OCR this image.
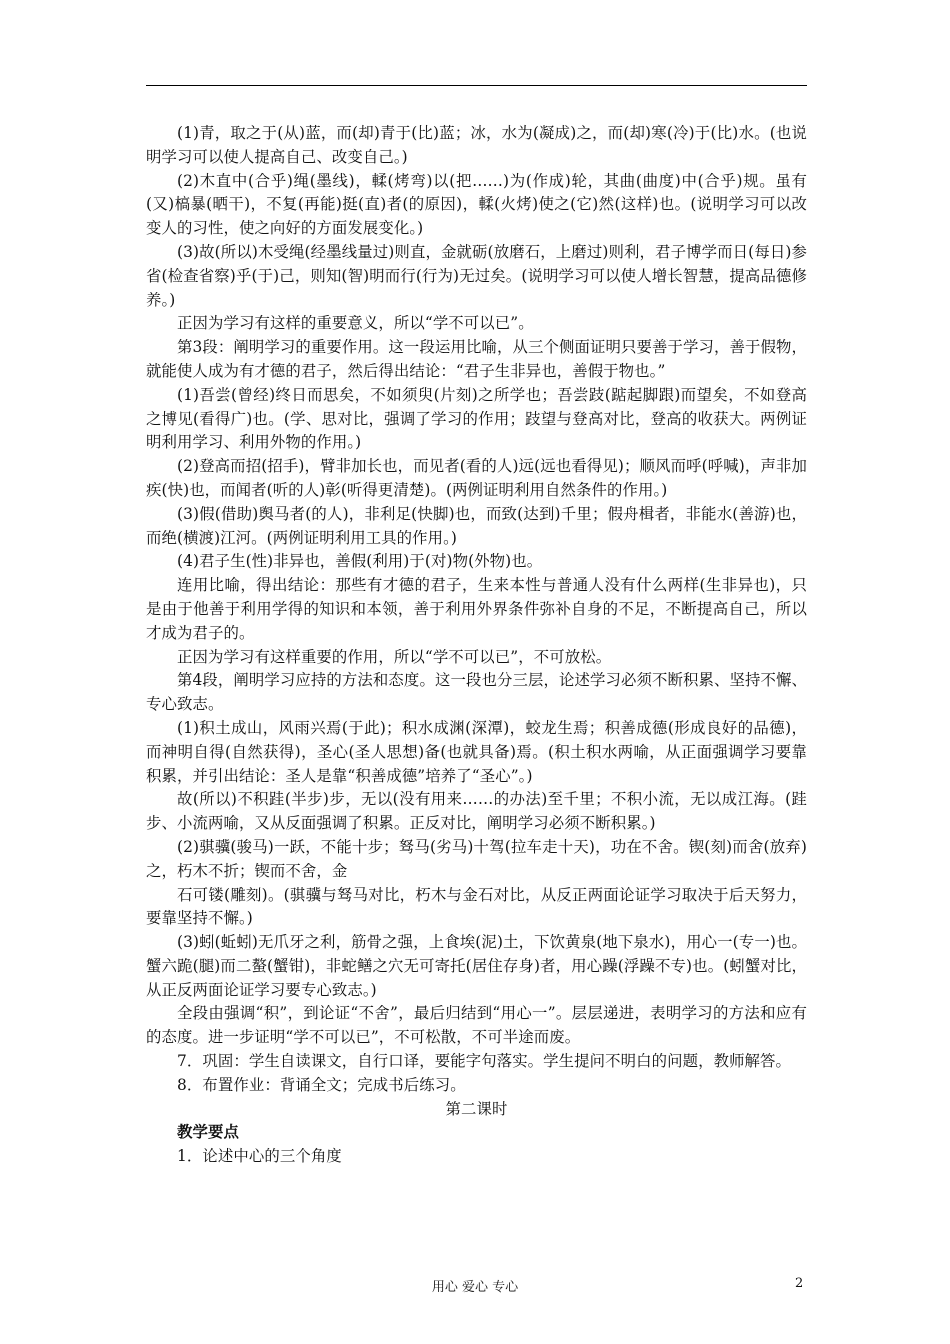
(1)青，取之于(从)蓝，而(却)青于(比)蓝；冰，水为(凝成)之，而(却)寒(冷)于(比)水。(也说明学习可以使人提高自己、改变自己。)

(2)木直中(合乎)绳(墨线)，輮(烤弯)以(把……)为(作成)轮，其曲(曲度)中(合乎)规。虽有(又)槁暴(晒干)，不复(再能)挺(直)者(的原因)，輮(火烤)使之(它)然(这样)也。(说明学习可以改变人的习性，使之向好的方面发展变化。)

(3)故(所以)木受绳(经墨线量过)则直，金就砺(放磨石，上磨过)则利，君子博学而日(每日)参省(检查省察)乎(于)己，则知(智)明而行(行为)无过矣。(说明学习可以使人增长智慧，提高品德修养。)

正因为学习有这样的重要意义，所以“学不可以已”。

第3段：阐明学习的重要作用。这一段运用比喻，从三个侧面证明只要善于学习，善于假物，就能使人成为有才德的君子，然后得出结论：“君子生非异也，善假于物也。”

(1)吾尝(曾经)终日而思矣，不如须臾(片刻)之所学也；吾尝跂(踮起脚跟)而望矣，不如登高之博见(看得广)也。(学、思对比，强调了学习的作用；跂望与登高对比，登高的收获大。两例证明利用学习、利用外物的作用。)

(2)登高而招(招手)，臂非加长也，而见者(看的人)远(远也看得见)；顺风而呼(呼喊)，声非加疾(快)也，而闻者(听的人)彰(听得更清楚)。(两例证明利用自然条件的作用。)

(3)假(借助)舆马者(的人)，非利足(快脚)也，而致(达到)千里；假舟楫者，非能水(善游)也，而绝(横渡)江河。(两例证明利用工具的作用。)

(4)君子生(性)非异也，善假(利用)于(对)物(外物)也。

连用比喻，得出结论：那些有才德的君子，生来本性与普通人没有什么两样(生非异也)，只是由于他善于利用学得的知识和本领，善于利用外界条件弥补自身的不足，不断提高自己，所以才成为君子的。

正因为学习有这样重要的作用，所以“学不可以已”，不可放松。

第4段，阐明学习应持的方法和态度。这一段也分三层，论述学习必须不断积累、坚持不懈、专心致志。

(1)积土成山，风雨兴焉(于此)；积水成渊(深潭)，蛟龙生焉；积善成德(形成良好的品德)，而神明自得(自然获得)，圣心(圣人思想)备(也就具备)焉。(积土积水两喻，从正面强调学习要靠积累，并引出结论：圣人是靠“积善成德”培养了“圣心”。)

故(所以)不积跬(半步)步，无以(没有用来……的办法)至千里；不积小流，无以成江海。(跬步、小流两喻，又从反面强调了积累。正反对比，阐明学习必须不断积累。)

(2)骐骥(骏马)一跃，不能十步；驽马(劣马)十驾(拉车走十天)，功在不舍。锲(刻)而舍(放弃)之，朽木不折；锲而不舍，金

石可镂(雕刻)。(骐骥与驽马对比，朽木与金石对比，从反正两面论证学习取决于后天努力，要靠坚持不懈。)

(3)蚓(蚯蚓)无爪牙之利，筋骨之强，上食埃(泥)土，下饮黄泉(地下泉水)，用心一(专一)也。蟹六跪(腿)而二螯(蟹钳)，非蛇鳝之穴无可寄托(居住存身)者，用心躁(浮躁不专)也。(蚓蟹对比，从正反两面论证学习要专心致志。)

全段由强调“积”，到论证“不舍”，最后归结到“用心一”。层层递进，表明学习的方法和应有的态度。进一步证明“学不可以已”，不可松散，不可半途而废。

7．巩固：学生自读课文，自行口译，要能字句落实。学生提问不明白的问题，教师解答。

8．布置作业：背诵全文；完成书后练习。

第二课时

教学要点

1．论述中心的三个角度

用心 爱心 专心	2
